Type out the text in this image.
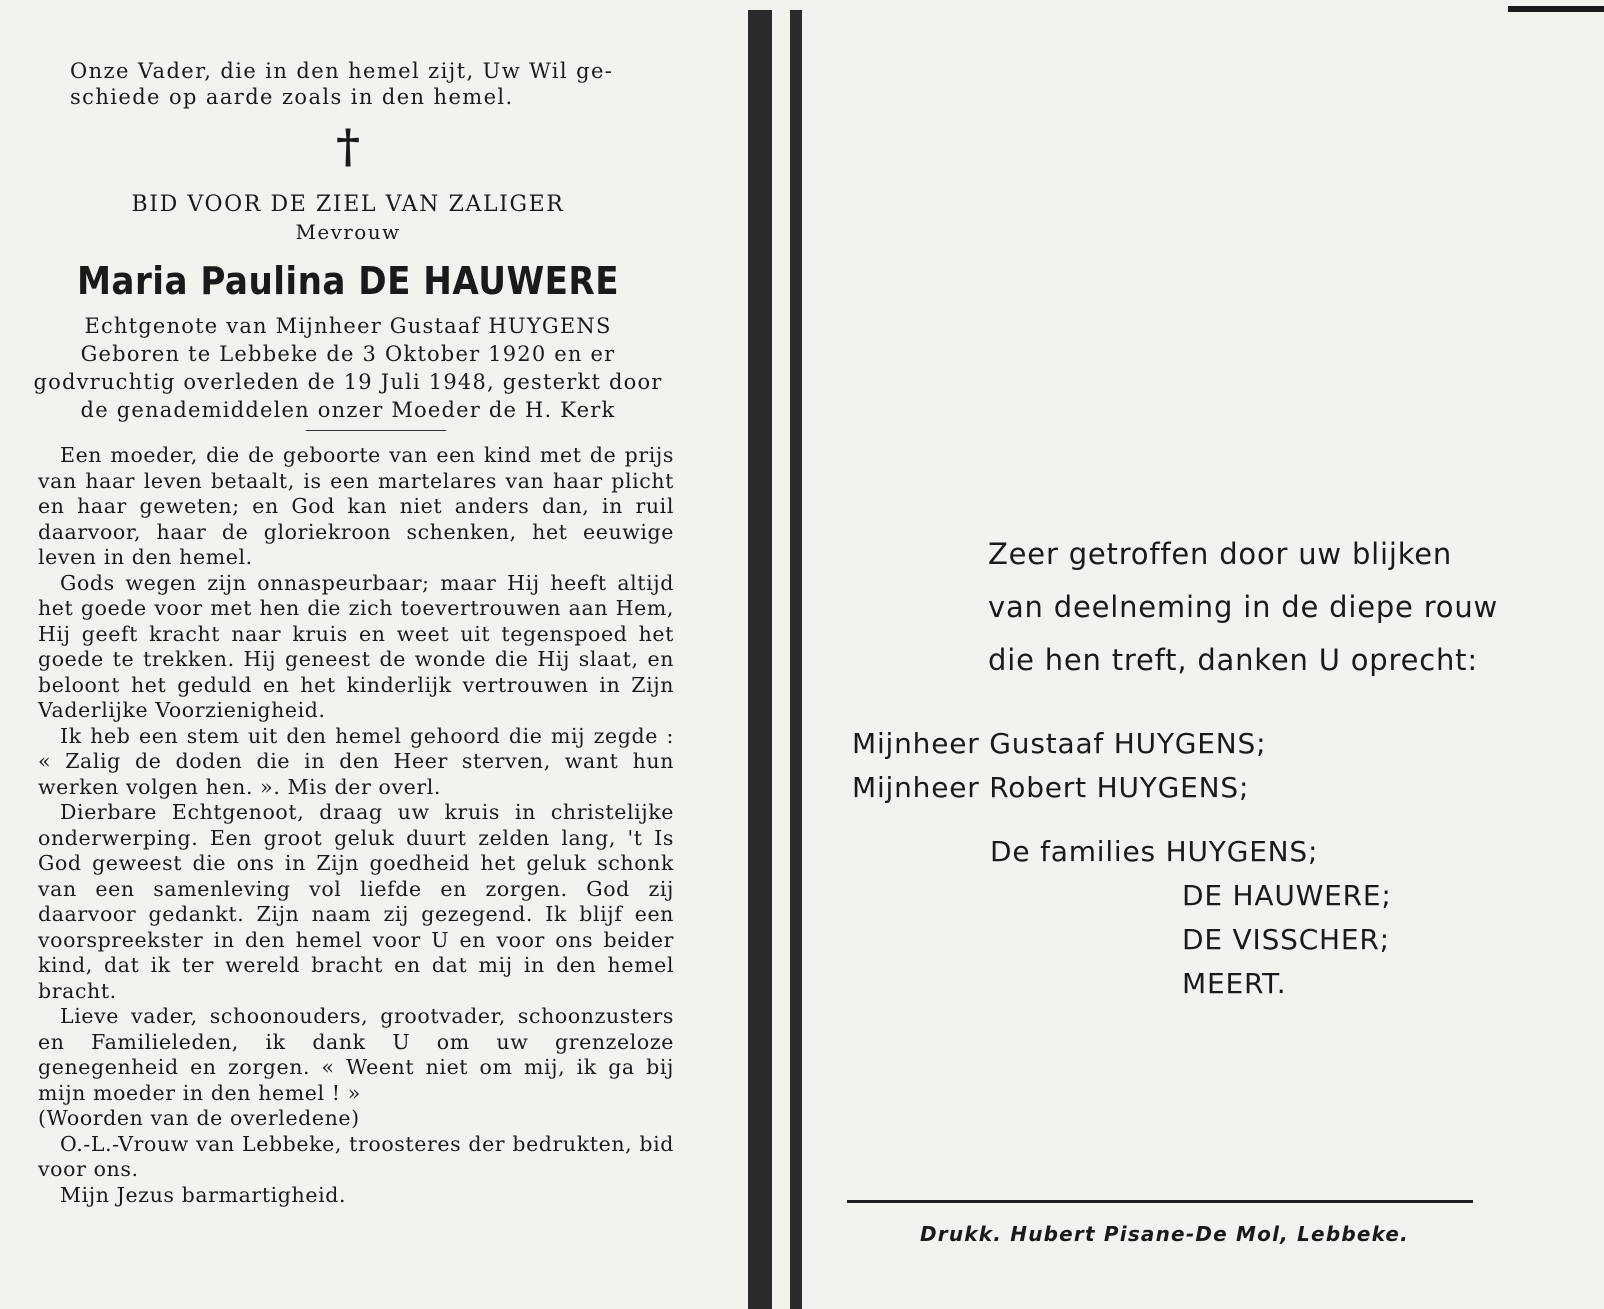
Onze Vader, die in den hemel zijt, Uw Wil ge-
schiede op aarde zoals in den hemel.
†
BID VOOR DE ZIEL VAN ZALIGER
Mevrouw
Maria Paulina DE HAUWERE
Echtgenote van Mijnheer Gustaaf HUYGENS
Geboren te Lebbeke de 3 Oktober 1920 en er
godvruchtig overleden de 19 Juli 1948, gesterkt door
de genademiddelen onzer Moeder de H. Kerk

Een moeder, die de geboorte van een kind met de prijs van haar leven betaalt, is een martelares van haar plicht en haar geweten; en God kan niet anders dan, in ruil daarvoor, haar de gloriekroon schenken, het eeuwige leven in den hemel.

Gods wegen zijn onnaspeurbaar; maar Hij heeft altijd het goede voor met hen die zich toevertrouwen aan Hem, Hij geeft kracht naar kruis en weet uit tegenspoed het goede te trekken. Hij geneest de wonde die Hij slaat, en beloont het geduld en het kinderlijk vertrouwen in Zijn Vaderlijke Voorzienigheid.

Ik heb een stem uit den hemel gehoord die mij zegde : « Zalig de doden die in den Heer sterven, want hun werken volgen hen. ». Mis der overl.

Dierbare Echtgenoot, draag uw kruis in christelijke onderwerping. Een groot geluk duurt zelden lang, 't Is God geweest die ons in Zijn goedheid het geluk schonk van een samenleving vol liefde en zorgen. God zij daarvoor gedankt. Zijn naam zij gezegend. Ik blijf een voorspreekster in den hemel voor U en voor ons beider kind, dat ik ter wereld bracht en dat mij in den hemel bracht.

Lieve vader, schoonouders, grootvader, schoonzusters en Familieleden, ik dank U om uw grenzeloze genegenheid en zorgen. « Weent niet om mij, ik ga bij mijn moeder in den hemel ! »

(Woorden van de overledene)

O.-L.-Vrouw van Lebbeke, troosteres der bedrukten, bid voor ons.

Mijn Jezus barmartigheid.

Zeer getroffen door uw blijken
van deelneming in de diepe rouw
die hen treft, danken U oprecht:
Mijnheer Gustaaf HUYGENS;
Mijnheer Robert HUYGENS;
De families HUYGENS;
DE HAUWERE;
DE VISSCHER;
MEERT.
Drukk. Hubert Pisane-De Mol, Lebbeke.
